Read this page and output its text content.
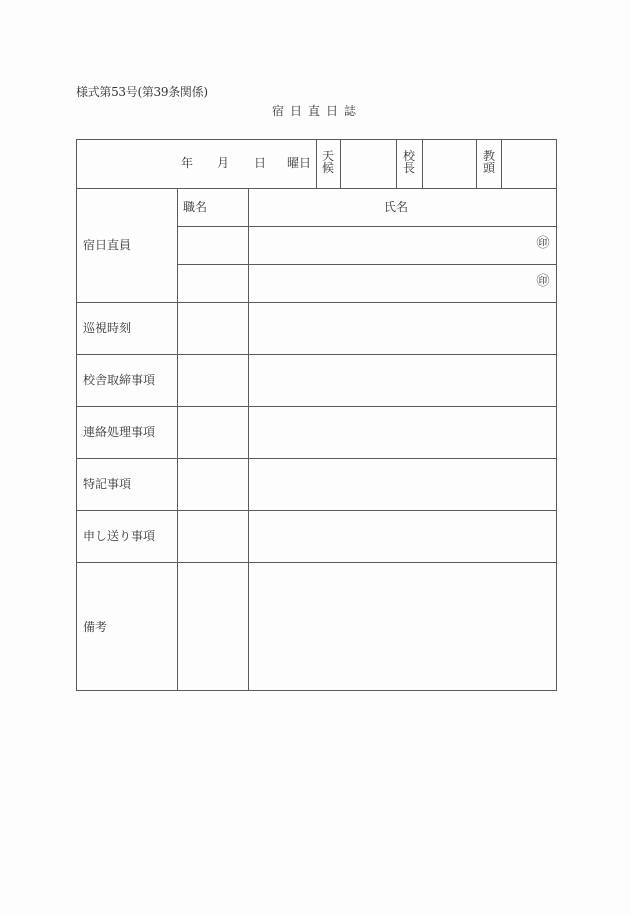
様式第53号(第39条関係)
宿 日 直 日 誌
年 月 日 曜日 天
候
校
長
教
頭
宿日直員
職名	氏名
㊞
㊞
巡視時刻
校舎取締事項
連絡処理事項
特記事項
申し送り事項
備考
